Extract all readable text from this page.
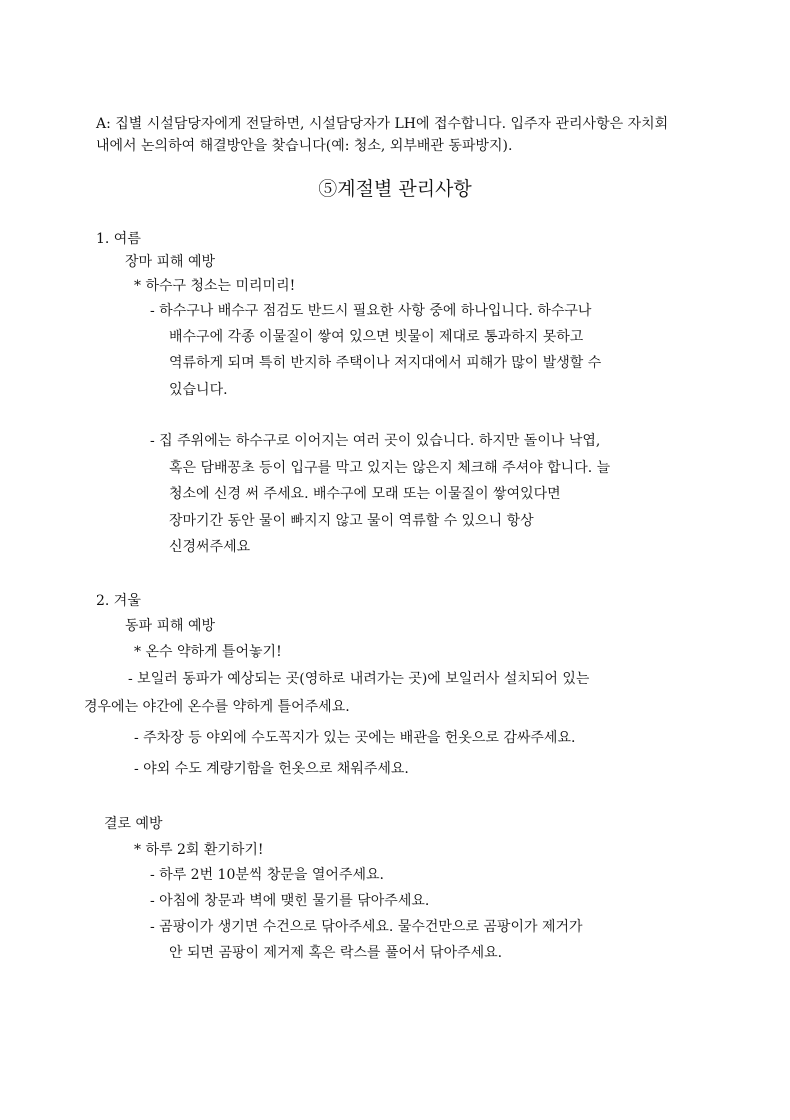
A: 집별 시설담당자에게 전달하면, 시설담당자가 LH에 접수합니다. 입주자 관리사항은 자치회
내에서 논의하여 해결방안을 찾습니다(예: 청소, 외부배관 동파방지).
⑤계절별 관리사항
1. 여름
장마 피해 예방
* 하수구 청소는 미리미리!
- 하수구나 배수구 점검도 반드시 필요한 사항 중에 하나입니다. 하수구나
배수구에 각종 이물질이 쌓여 있으면 빗물이 제대로 통과하지 못하고
역류하게 되며 특히 반지하 주택이나 저지대에서 피해가 많이 발생할 수
있습니다.
- 집 주위에는 하수구로 이어지는 여러 곳이 있습니다. 하지만 돌이나 낙엽,
혹은 담배꽁초 등이 입구를 막고 있지는 않은지 체크해 주셔야 합니다. 늘
청소에 신경 써 주세요. 배수구에 모래 또는 이물질이 쌓여있다면
장마기간 동안 물이 빠지지 않고 물이 역류할 수 있으니 항상
신경써주세요
2. 겨울
동파 피해 예방
* 온수 약하게 틀어놓기!
- 보일러 동파가 예상되는 곳(영하로 내려가는 곳)에 보일러사 설치되어 있는
경우에는 야간에 온수를 약하게 틀어주세요.
- 주차장 등 야외에 수도꼭지가 있는 곳에는 배관을 헌옷으로 감싸주세요.
- 야외 수도 계량기함을 헌옷으로 채워주세요.
결로 예방
* 하루 2회 환기하기!
- 하루 2번 10분씩 창문을 열어주세요.
- 아침에 창문과 벽에 맺힌 물기를 닦아주세요.
- 곰팡이가 생기면 수건으로 닦아주세요. 물수건만으로 곰팡이가 제거가
안 되면 곰팡이 제거제 혹은 락스를 풀어서 닦아주세요.
